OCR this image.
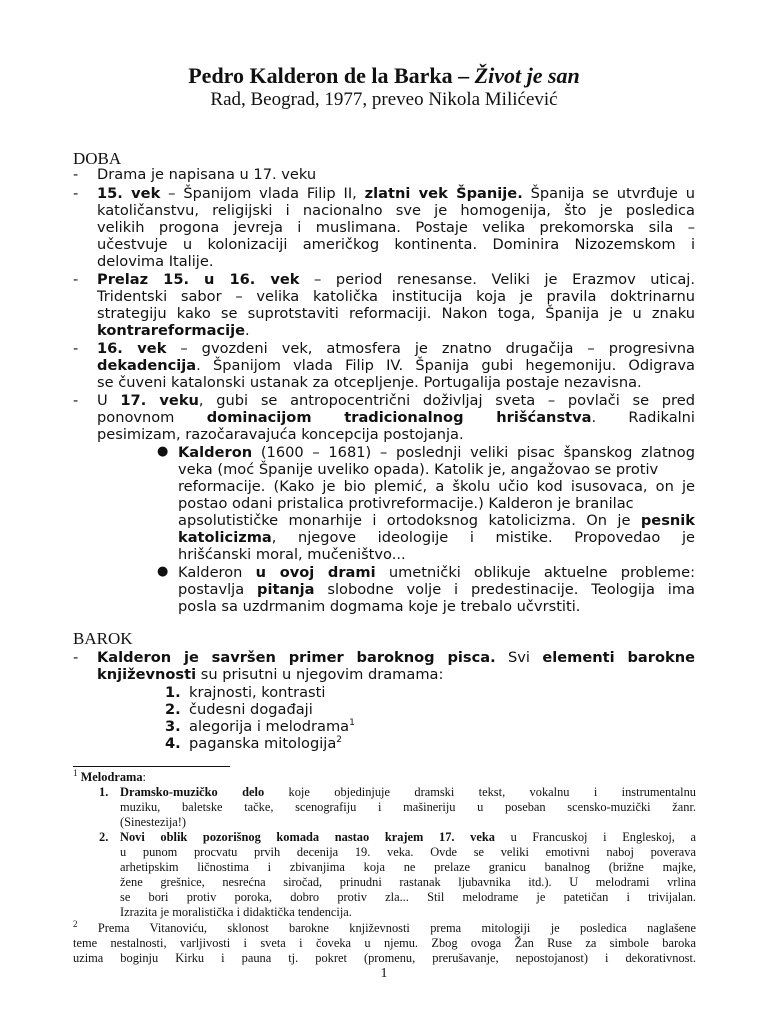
Pedro Kalderon de la Barka – Život je san
Rad, Beograd, 1977, preveo Nikola Milićević
DOBA
- Drama je napisana u 17. veku
- 15. vek – Španijom vlada Filip II, zlatni vek Španije. Španija se utvrđuje u
katoličanstvu, religijski i nacionalno sve je homogenija, što je posledica
velikih progona jevreja i muslimana. Postaje velika prekomorska sila –
učestvuje u kolonizaciji američkog kontinenta. Dominira Nizozemskom i
delovima Italije.
- Prelaz 15. u 16. vek – period renesanse. Veliki je Erazmov uticaj.
Tridentski sabor – velika katolička institucija koja je pravila doktrinarnu
strategiju kako se suprotstaviti reformaciji. Nakon toga, Španija je u znaku
kontrareformacije.
- 16. vek – gvozdeni vek, atmosfera je znatno drugačija – progresivna
dekadencija. Španijom vlada Filip IV. Španija gubi hegemoniju. Odigrava
se čuveni katalonski ustanak za otcepljenje. Portugalija postaje nezavisna.
- U 17. veku, gubi se antropocentrični doživljaj sveta – povlači se pred
ponovnom dominacijom tradicionalnog hrišćanstva. Radikalni
pesimizam, razočaravajuća koncepcija postojanja.
● Kalderon (1600 – 1681) – poslednji veliki pisac španskog zlatnog
veka (moć Španije uveliko opada). Katolik je, angažovao se protiv
reformacije. (Kako je bio plemić, a školu učio kod isusovaca, on je
postao odani pristalica protivreformacije.) Kalderon je branilac
apsolutističke monarhije i ortodoksnog katolicizma. On je pesnik
katolicizma, njegove ideologije i mistike. Propovedao je
hrišćanski moral, mučeništvo...
● Kalderon u ovoj drami umetnički oblikuje aktuelne probleme:
postavlja pitanja slobodne volje i predestinacije. Teologija ima
posla sa uzdrmanim dogmama koje je trebalo učvrstiti.
BAROK
- Kalderon je savršen primer baroknog pisca. Svi elementi barokne
književnosti su prisutni u njegovim dramama:
1. krajnosti, kontrasti
2. čudesni događaji
3. alegorija i melodrama$^1$
4. paganska mitologija$^2$
$^1$ Melodrama:
1. Dramsko-muzičko delo koje objedinjuje dramski tekst, vokalnu i instrumentalnu
muziku, baletske tačke, scenografiju i mašineriju u poseban scensko-muzički žanr.
(Sinestezija!)
2. Novi oblik pozorišnog komada nastao krajem 17. veka u Francuskoj i Engleskoj, a
u punom procvatu prvih decenija 19. veka. Ovde se veliki emotivni naboj poverava
arhetipskim ličnostima i zbivanjima koja ne prelaze granicu banalnog (brižne majke,
žene grešnice, nesrećna siročad, prinudni rastanak ljubavnika itd.). U melodrami vrlina
se bori protiv poroka, dobro protiv zla... Stil melodrame je patetičan i trivijalan.
Izrazita je moralistička i didaktička tendencija.
$^2$ Prema Vitanoviću, sklonost barokne književnosti prema mitologiji je posledica naglašene
teme nestalnosti, varljivosti i sveta i čoveka u njemu. Zbog ovoga Žan Ruse za simbole baroka
uzima boginju Kirku i pauna tj. pokret (promenu, prerušavanje, nepostojanost) i dekorativnost.
1
